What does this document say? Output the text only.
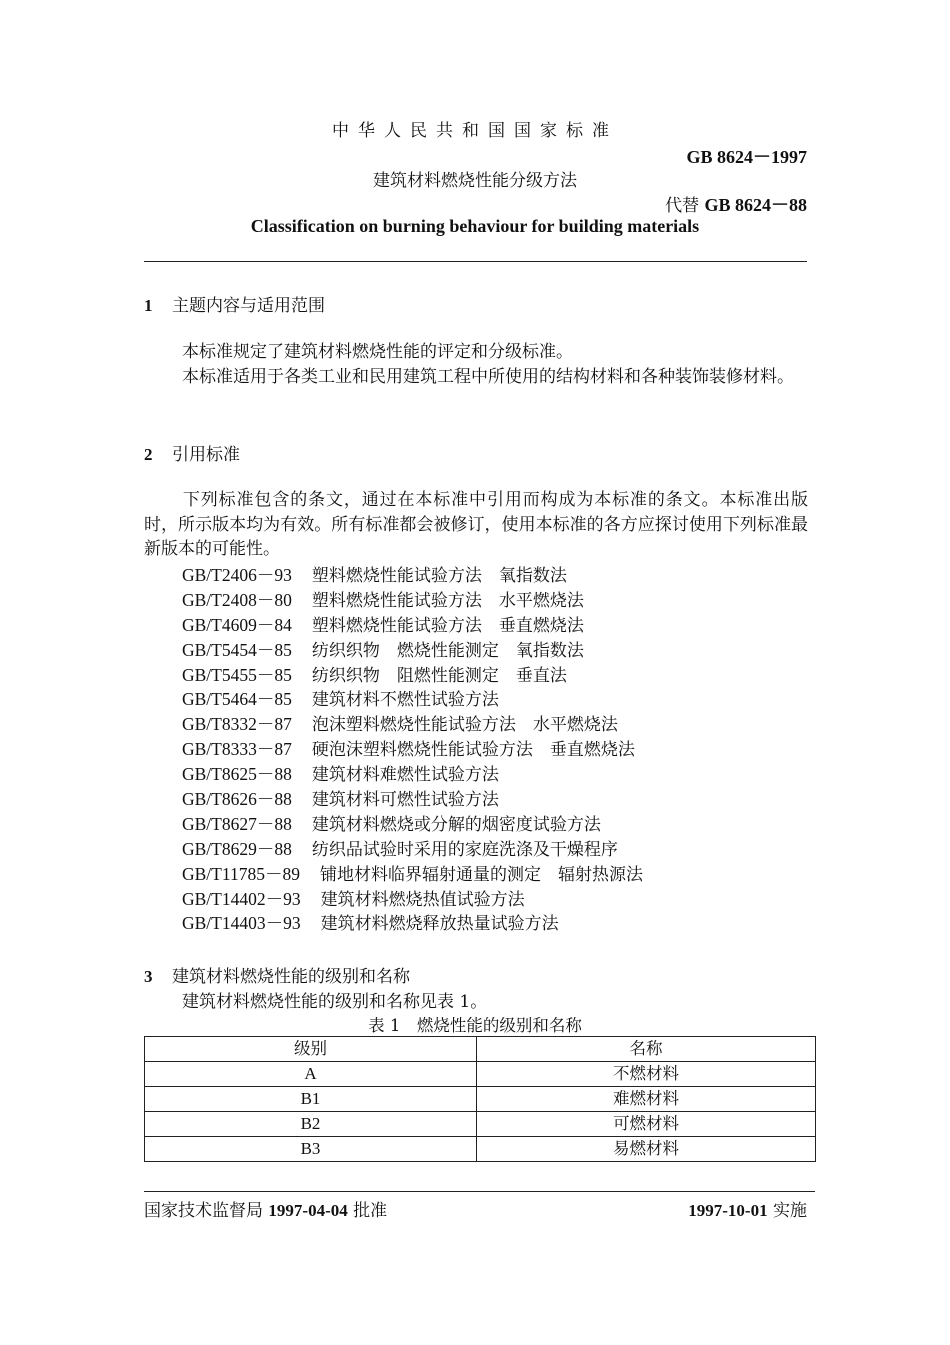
中华人民共和国国家标准
GB 8624－1997
建筑材料燃烧性能分级方法
代替 GB 8624－88
Classification on burning behaviour for building materials
1 主题内容与适用范围
本标准规定了建筑材料燃烧性能的评定和分级标准。
本标准适用于各类工业和民用建筑工程中所使用的结构材料和各种装饰装修材料。
2 引用标准
下列标准包含的条文，通过在本标准中引用而构成为本标准的条文。本标准出版时，所示版本均为有效。所有标准都会被修订，使用本标准的各方应探讨使用下列标准最新版本的可能性。
GB/T2406－93 塑料燃烧性能试验方法　氧指数法
GB/T2408－80 塑料燃烧性能试验方法　水平燃烧法
GB/T4609－84 塑料燃烧性能试验方法　垂直燃烧法
GB/T5454－85 纺织织物　燃烧性能测定　氧指数法
GB/T5455－85 纺织织物　阻燃性能测定　垂直法
GB/T5464－85 建筑材料不燃性试验方法
GB/T8332－87 泡沫塑料燃烧性能试验方法　水平燃烧法
GB/T8333－87 硬泡沫塑料燃烧性能试验方法　垂直燃烧法
GB/T8625－88 建筑材料难燃性试验方法
GB/T8626－88 建筑材料可燃性试验方法
GB/T8627－88 建筑材料燃烧或分解的烟密度试验方法
GB/T8629－88 纺织品试验时采用的家庭洗涤及干燥程序
GB/T11785－89 铺地材料临界辐射通量的测定　辐射热源法
GB/T14402－93 建筑材料燃烧热值试验方法
GB/T14403－93 建筑材料燃烧释放热量试验方法
3 建筑材料燃烧性能的级别和名称
建筑材料燃烧性能的级别和名称见表 1。
表 1　燃烧性能的级别和名称
级别	名称
A	不燃材料
B1	难燃材料
B2	可燃材料
B3	易燃材料
国家技术监督局 1997-04-04 批准	1997-10-01 实施
